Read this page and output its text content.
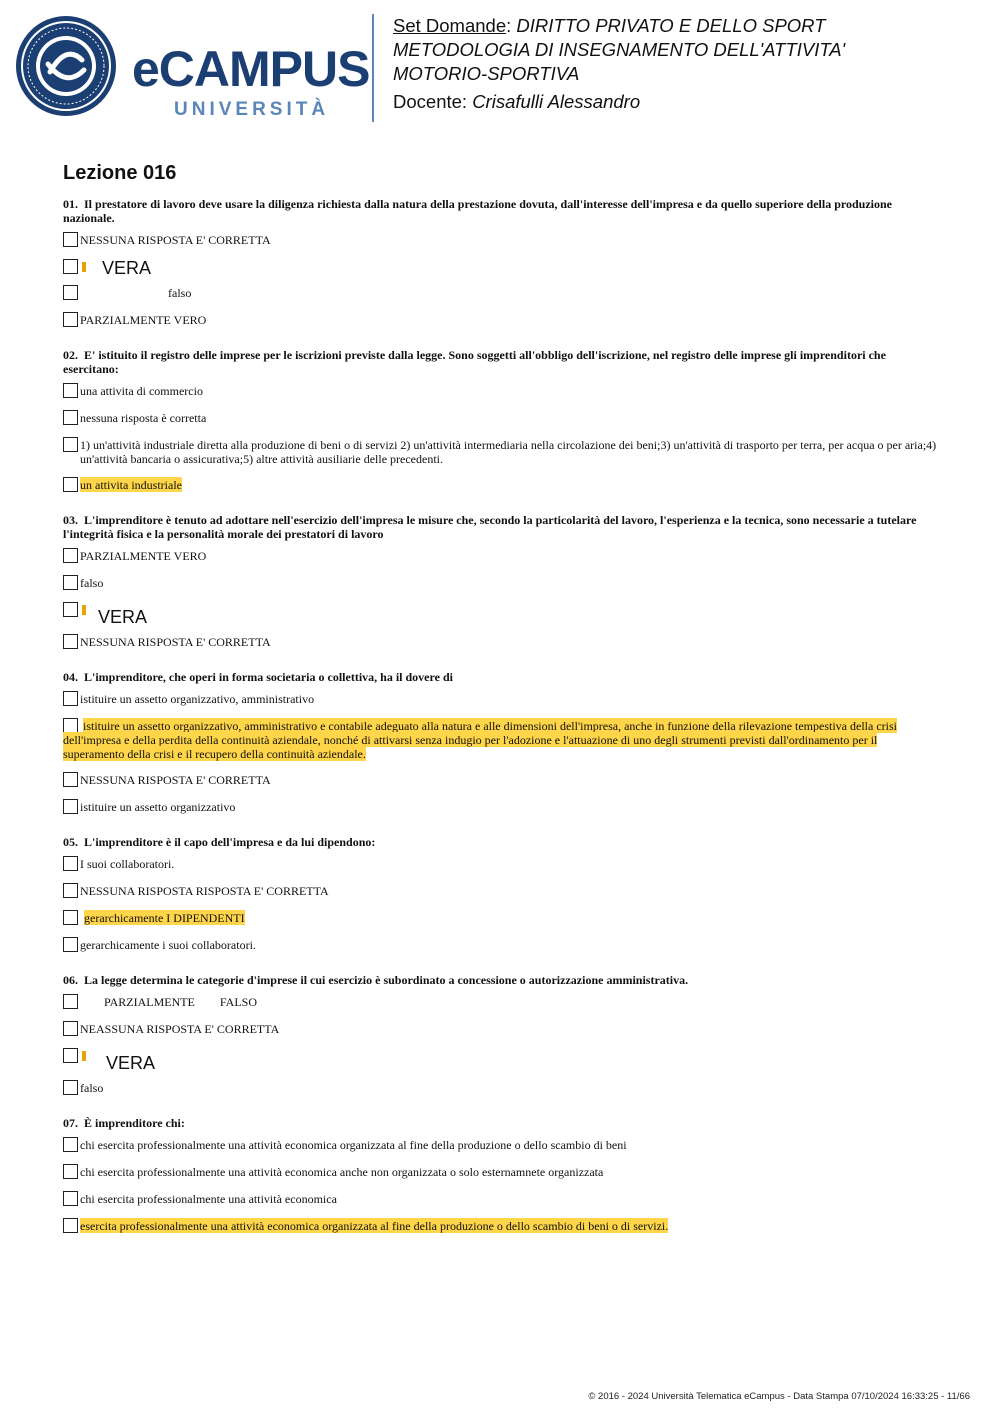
eCAMPUS
UNIVERSITÀ
Set Domande: DIRITTO PRIVATO E DELLO SPORT
METODOLOGIA DI INSEGNAMENTO DELL'ATTIVITA'
MOTORIO-SPORTIVA
Docente: Crisafulli Alessandro
Lezione 016
01. Il prestatore di lavoro deve usare la diligenza richiesta dalla natura della prestazione dovuta, dall'interesse dell'impresa e da quello superiore della produzione nazionale.
NESSUNA RISPOSTA E' CORRETTA
VERA
falso
PARZIALMENTE VERO
02. E' istituito il registro delle imprese per le iscrizioni previste dalla legge. Sono soggetti all'obbligo dell'iscrizione, nel registro delle imprese gli imprenditori che esercitano:
una attivita di commercio
nessuna risposta è corretta
1) un'attività industriale diretta alla produzione di beni o di servizi 2) un'attività intermediaria nella circolazione dei beni;3) un'attività di trasporto per terra, per acqua o per aria;4) un'attività bancaria o assicurativa;5) altre attività ausiliarie delle precedenti.
un attivita industriale
03. L'imprenditore è tenuto ad adottare nell'esercizio dell'impresa le misure che, secondo la particolarità del lavoro, l'esperienza e la tecnica, sono necessarie a tutelare l'integrità fisica e la personalità morale dei prestatori di lavoro
PARZIALMENTE VERO
falso
VERA
NESSUNA RISPOSTA E' CORRETTA
04. L'imprenditore, che operi in forma societaria o collettiva, ha il dovere di
istituire un assetto organizzativo, amministrativo
istituire un assetto organizzativo, amministrativo e contabile adeguato alla natura e alle dimensioni dell'impresa, anche in funzione della rilevazione tempestiva della crisi dell'impresa e della perdita della continuità aziendale, nonché di attivarsi senza indugio per l'adozione e l'attuazione di uno degli strumenti previsti dall'ordinamento per il superamento della crisi e il recupero della continuità aziendale.
NESSUNA RISPOSTA E' CORRETTA
istituire un assetto organizzativo
05. L'imprenditore è il capo dell'impresa e da lui dipendono:
I suoi collaboratori.
NESSUNA RISPOSTA RISPOSTA E' CORRETTA
gerarchicamente I DIPENDENTI
gerarchicamente i suoi collaboratori.
06. La legge determina le categorie d'imprese il cui esercizio è subordinato a concessione o autorizzazione amministrativa.
PARZIALMENTE FALSO
NEASSUNA RISPOSTA E' CORRETTA
VERA
falso
07. È imprenditore chi:
chi esercita professionalmente una attività economica organizzata al fine della produzione o dello scambio di beni
chi esercita professionalmente una attività economica anche non organizzata o solo esternamnete organizzata
chi esercita professionalmente una attività economica
esercita professionalmente una attività economica organizzata al fine della produzione o dello scambio di beni o di servizi.
© 2016 - 2024 Università Telematica eCampus - Data Stampa 07/10/2024 16:33:25 - 11/66
